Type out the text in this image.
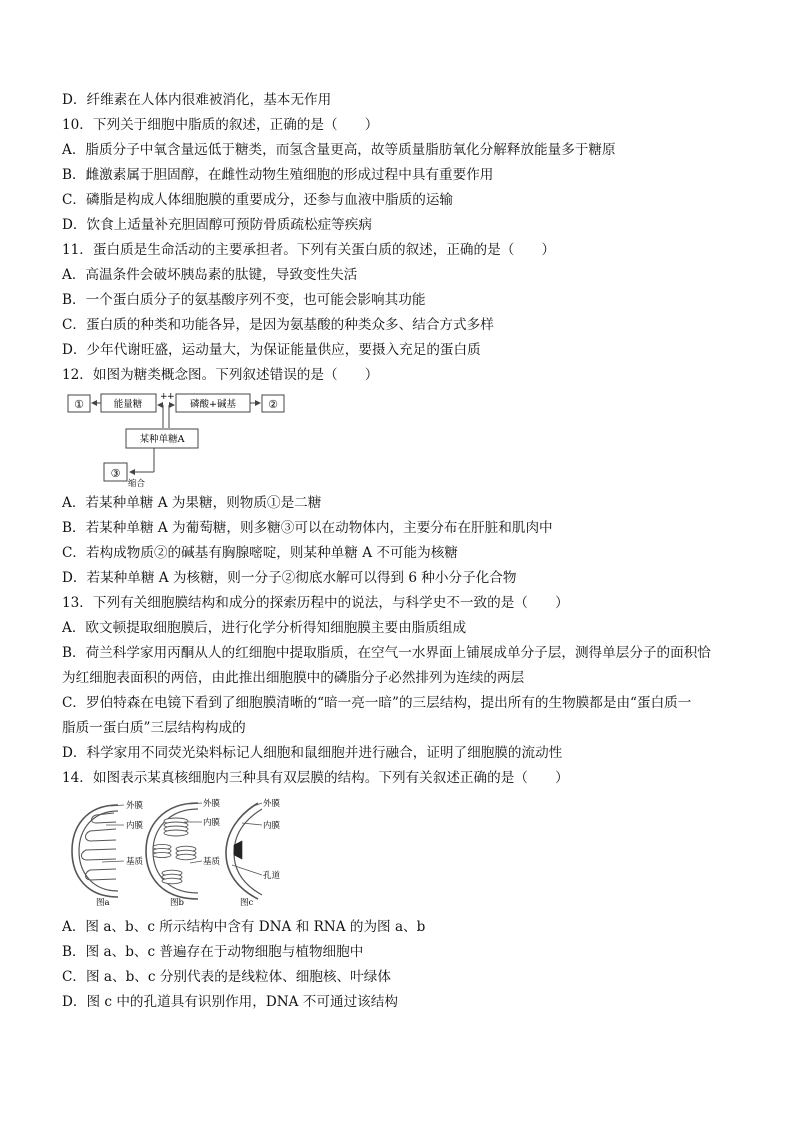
D．纤维素在人体内很难被消化，基本无作用
10．下列关于细胞中脂质的叙述，正确的是（　　）
A．脂质分子中氧含量远低于糖类，而氢含量更高，故等质量脂肪氧化分解释放能量多于糖原
B．雌激素属于胆固醇，在雌性动物生殖细胞的形成过程中具有重要作用
C．磷脂是构成人体细胞膜的重要成分，还参与血液中脂质的运输
D．饮食上适量补充胆固醇可预防骨质疏松症等疾病
11．蛋白质是生命活动的主要承担者。下列有关蛋白质的叙述，正确的是（　　）
A．高温条件会破坏胰岛素的肽键，导致变性失活
B．一个蛋白质分子的氨基酸序列不变，也可能会影响其功能
C．蛋白质的种类和功能各异，是因为氨基酸的种类众多、结合方式多样
D．少年代谢旺盛，运动量大，为保证能量供应，要摄入充足的蛋白质
12．如图为糖类概念图。下列叙述错误的是（　　）
①	能量糖	磷酸+碱基	②
+ +
某种单糖A
③
缩合
A．若某种单糖 A 为果糖，则物质①是二糖
B．若某种单糖 A 为葡萄糖，则多糖③可以在动物体内，主要分布在肝脏和肌肉中
C．若构成物质②的碱基有胸腺嘧啶，则某种单糖 A 不可能为核糖
D．若某种单糖 A 为核糖，则一分子②彻底水解可以得到 6 种小分子化合物
13．下列有关细胞膜结构和成分的探索历程中的说法，与科学史不一致的是（　　）
A．欧文顿提取细胞膜后，进行化学分析得知细胞膜主要由脂质组成
B．荷兰科学家用丙酮从人的红细胞中提取脂质，在空气一水界面上铺展成单分子层，测得单层分子的面积恰
为红细胞表面积的两倍，由此推出细胞膜中的磷脂分子必然排列为连续的两层
C．罗伯特森在电镜下看到了细胞膜清晰的“暗一亮一暗”的三层结构，提出所有的生物膜都是由“蛋白质一
脂质一蛋白质”三层结构构成的
D．科学家用不同荧光染料标记人细胞和鼠细胞并进行融合，证明了细胞膜的流动性
14．如图表示某真核细胞内三种具有双层膜的结构。下列有关叙述正确的是（　　）
外膜
内膜
基质
图a
外膜
内膜
基质
图b
外膜
内膜
孔道
图c
A．图 a、b、c 所示结构中含有 DNA 和 RNA 的为图 a、b
B．图 a、b、c 普遍存在于动物细胞与植物细胞中
C．图 a、b、c 分别代表的是线粒体、细胞核、叶绿体
D．图 c 中的孔道具有识别作用，DNA 不可通过该结构
